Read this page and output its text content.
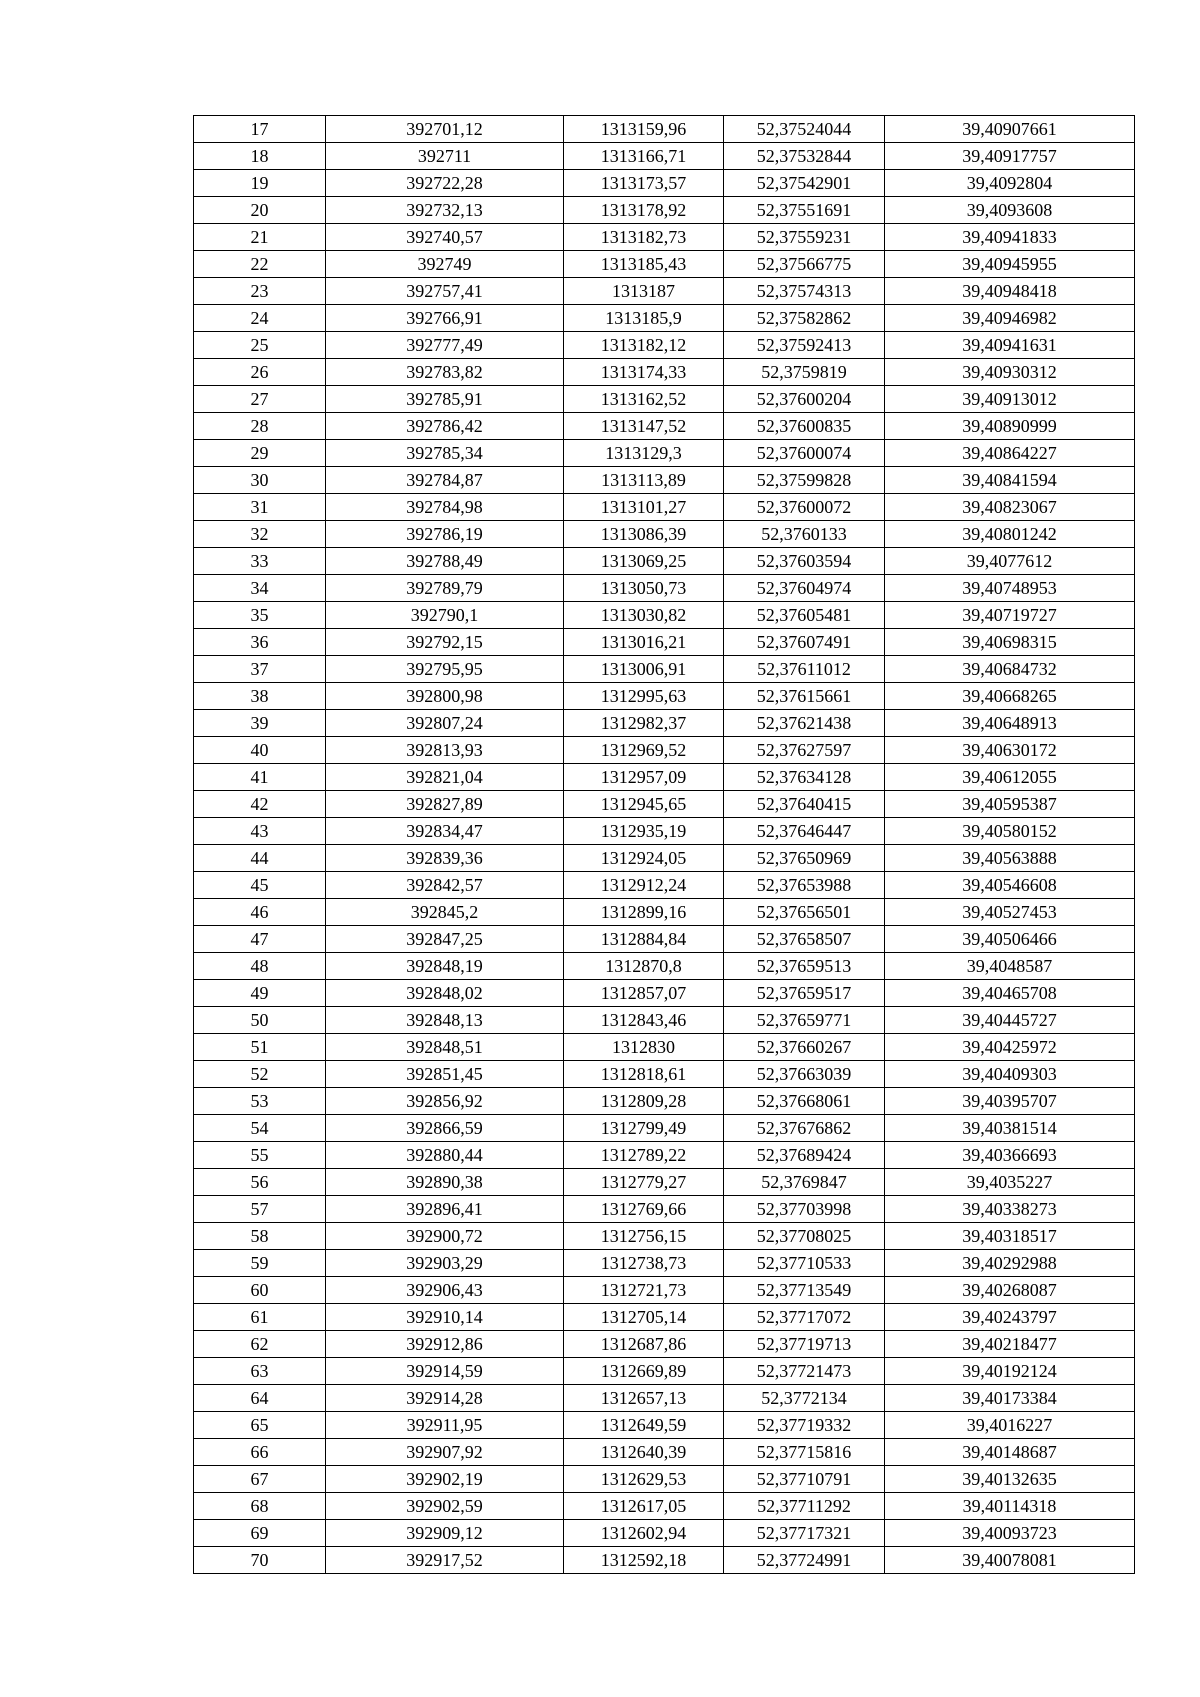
17	392701,12	1313159,96	52,37524044	39,40907661
18	392711	1313166,71	52,37532844	39,40917757
19	392722,28	1313173,57	52,37542901	39,4092804
20	392732,13	1313178,92	52,37551691	39,4093608
21	392740,57	1313182,73	52,37559231	39,40941833
22	392749	1313185,43	52,37566775	39,40945955
23	392757,41	1313187	52,37574313	39,40948418
24	392766,91	1313185,9	52,37582862	39,40946982
25	392777,49	1313182,12	52,37592413	39,40941631
26	392783,82	1313174,33	52,3759819	39,40930312
27	392785,91	1313162,52	52,37600204	39,40913012
28	392786,42	1313147,52	52,37600835	39,40890999
29	392785,34	1313129,3	52,37600074	39,40864227
30	392784,87	1313113,89	52,37599828	39,40841594
31	392784,98	1313101,27	52,37600072	39,40823067
32	392786,19	1313086,39	52,3760133	39,40801242
33	392788,49	1313069,25	52,37603594	39,4077612
34	392789,79	1313050,73	52,37604974	39,40748953
35	392790,1	1313030,82	52,37605481	39,40719727
36	392792,15	1313016,21	52,37607491	39,40698315
37	392795,95	1313006,91	52,37611012	39,40684732
38	392800,98	1312995,63	52,37615661	39,40668265
39	392807,24	1312982,37	52,37621438	39,40648913
40	392813,93	1312969,52	52,37627597	39,40630172
41	392821,04	1312957,09	52,37634128	39,40612055
42	392827,89	1312945,65	52,37640415	39,40595387
43	392834,47	1312935,19	52,37646447	39,40580152
44	392839,36	1312924,05	52,37650969	39,40563888
45	392842,57	1312912,24	52,37653988	39,40546608
46	392845,2	1312899,16	52,37656501	39,40527453
47	392847,25	1312884,84	52,37658507	39,40506466
48	392848,19	1312870,8	52,37659513	39,4048587
49	392848,02	1312857,07	52,37659517	39,40465708
50	392848,13	1312843,46	52,37659771	39,40445727
51	392848,51	1312830	52,37660267	39,40425972
52	392851,45	1312818,61	52,37663039	39,40409303
53	392856,92	1312809,28	52,37668061	39,40395707
54	392866,59	1312799,49	52,37676862	39,40381514
55	392880,44	1312789,22	52,37689424	39,40366693
56	392890,38	1312779,27	52,3769847	39,4035227
57	392896,41	1312769,66	52,37703998	39,40338273
58	392900,72	1312756,15	52,37708025	39,40318517
59	392903,29	1312738,73	52,37710533	39,40292988
60	392906,43	1312721,73	52,37713549	39,40268087
61	392910,14	1312705,14	52,37717072	39,40243797
62	392912,86	1312687,86	52,37719713	39,40218477
63	392914,59	1312669,89	52,37721473	39,40192124
64	392914,28	1312657,13	52,3772134	39,40173384
65	392911,95	1312649,59	52,37719332	39,4016227
66	392907,92	1312640,39	52,37715816	39,40148687
67	392902,19	1312629,53	52,37710791	39,40132635
68	392902,59	1312617,05	52,37711292	39,40114318
69	392909,12	1312602,94	52,37717321	39,40093723
70	392917,52	1312592,18	52,37724991	39,40078081
